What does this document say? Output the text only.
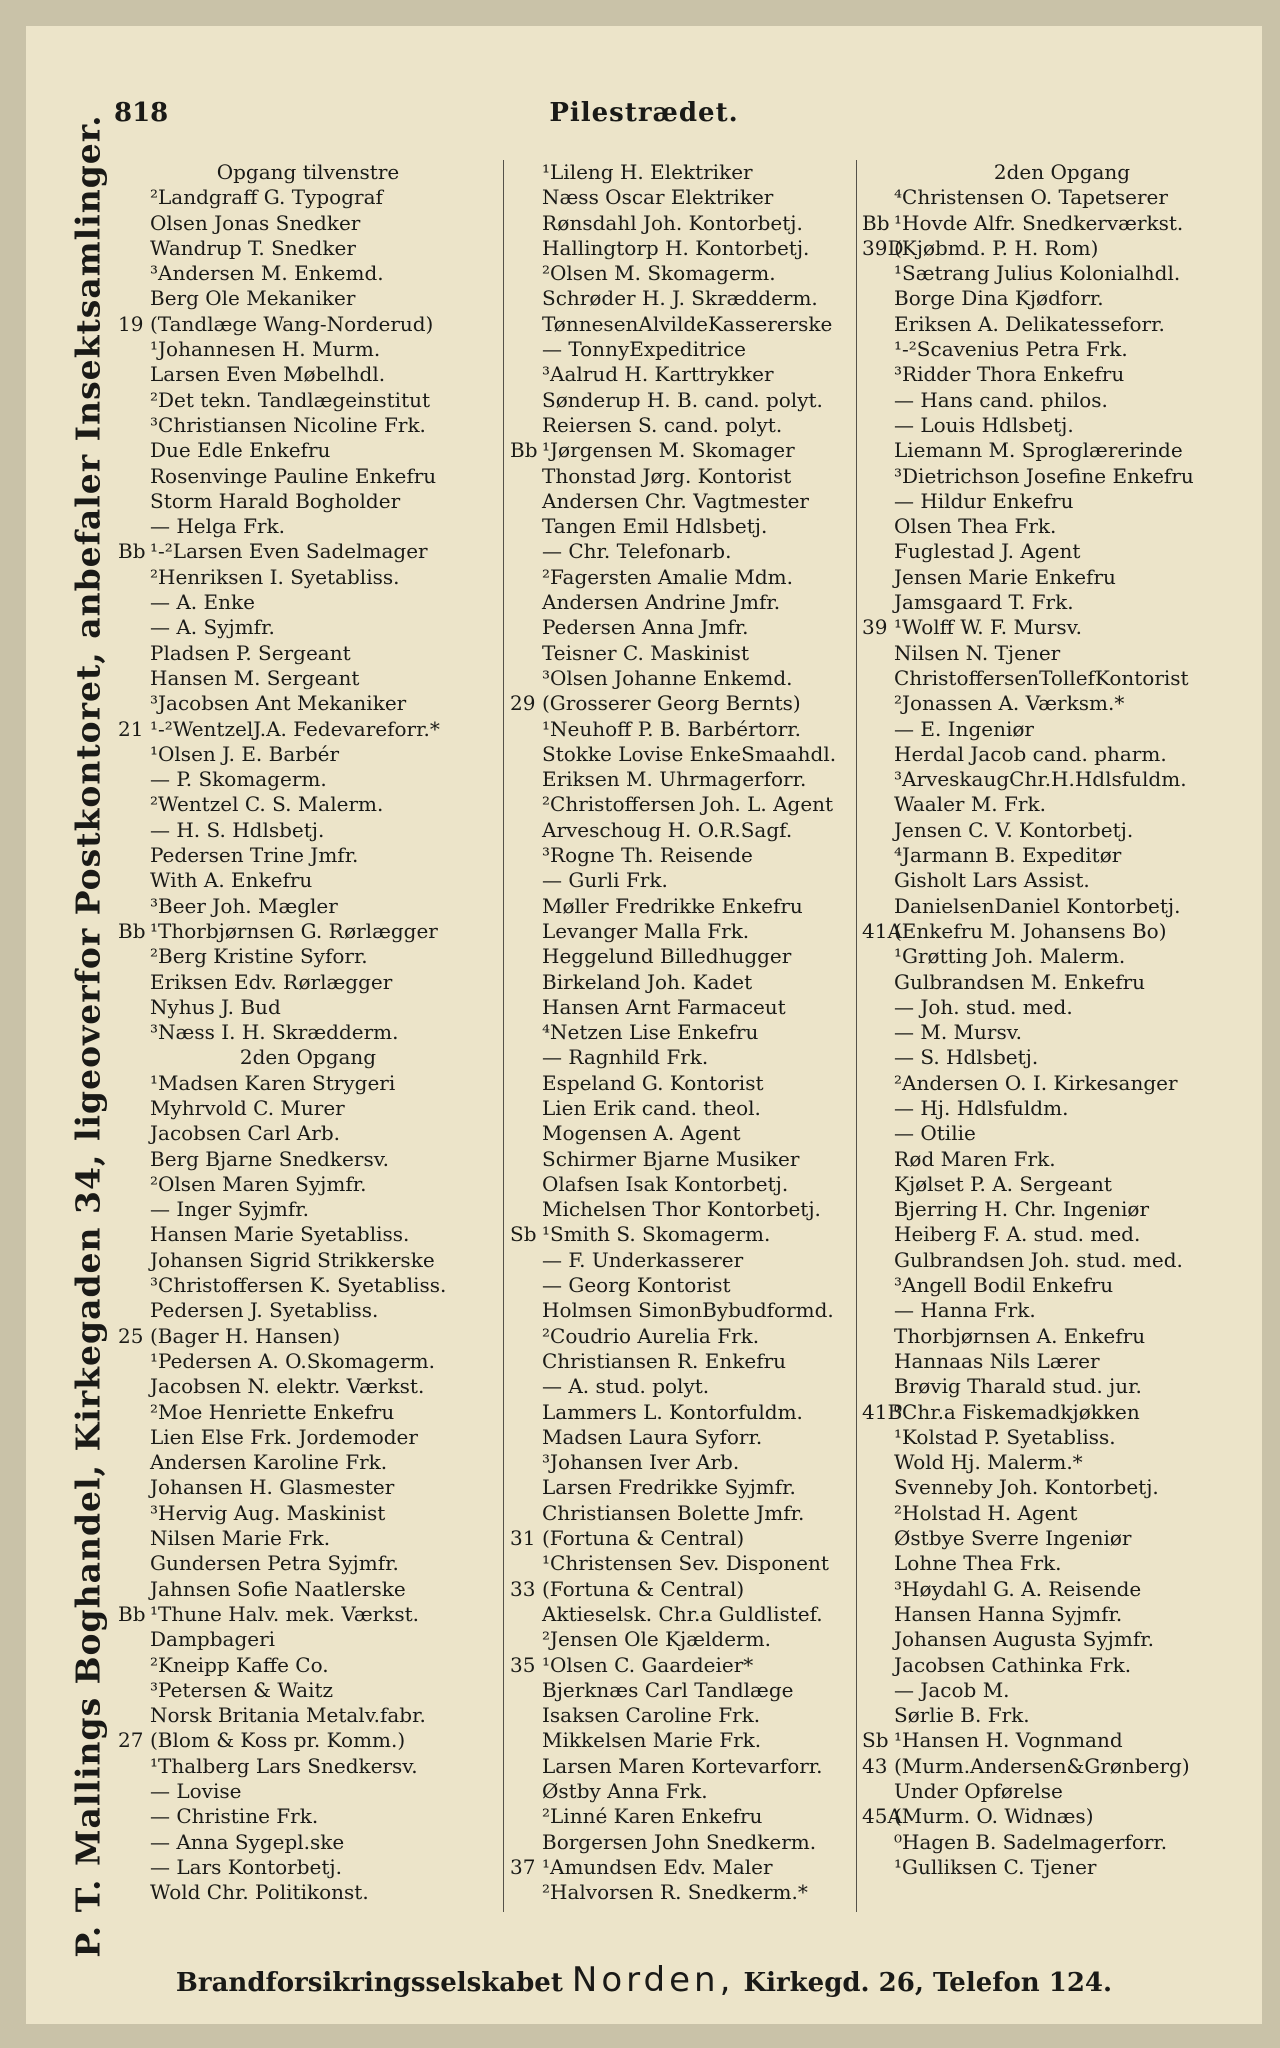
818	Pilestrædet.
P. T. Mallings Boghandel, Kirkegaden 34, ligeoverfor Postkontoret, anbefaler Insektsamlinger.	Opgang tilvenstre
²Landgraff G. Typograf
Olsen Jonas Snedker
Wandrup T. Snedker
³Andersen M. Enkemd.
Berg Ole Mekaniker
19 (Tandlæge Wang-Norderud)
¹Johannesen H. Murm.
Larsen Even Møbelhdl.
²Det tekn. Tandlægeinstitut
³Christiansen Nicoline Frk.
Due Edle Enkefru
Rosenvinge Pauline Enkefru
Storm Harald Bogholder
— Helga Frk.
Bb ¹-²Larsen Even Sadelmager
²Henriksen I. Syetabliss.
— A. Enke
— A. Syjmfr.
Pladsen P. Sergeant
Hansen M. Sergeant
³Jacobsen Ant Mekaniker
21 ¹-²WentzelJ.A. Fedevareforr.*
¹Olsen J. E. Barbér
— P. Skomagerm.
²Wentzel C. S. Malerm.
— H. S. Hdlsbetj.
Pedersen Trine Jmfr.
With A. Enkefru
³Beer Joh. Mægler
Bb ¹Thorbjørnsen G. Rørlægger
²Berg Kristine Syforr.
Eriksen Edv. Rørlægger
Nyhus J. Bud
³Næss I. H. Skrædderm.
2den Opgang
¹Madsen Karen Strygeri
Myhrvold C. Murer
Jacobsen Carl Arb.
Berg Bjarne Snedkersv.
²Olsen Maren Syjmfr.
— Inger Syjmfr.
Hansen Marie Syetabliss.
Johansen Sigrid Strikkerske
³Christoffersen K. Syetabliss.
Pedersen J. Syetabliss.
25 (Bager H. Hansen)
¹Pedersen A. O.Skomagerm.
Jacobsen N. elektr. Værkst.
²Moe Henriette Enkefru
Lien Else Frk. Jordemoder
Andersen Karoline Frk.
Johansen H. Glasmester
³Hervig Aug. Maskinist
Nilsen Marie Frk.
Gundersen Petra Syjmfr.
Jahnsen Sofie Naatlerske
Bb ¹Thune Halv. mek. Værkst.
Dampbageri
²Kneipp Kaffe Co.
³Petersen & Waitz
Norsk Britania Metalv.fabr.
27 (Blom & Koss pr. Komm.)
¹Thalberg Lars Snedkersv.
— Lovise
— Christine Frk.
— Anna Sygepl.ske
— Lars Kontorbetj.
Wold Chr. Politikonst.
¹Lileng H. Elektriker
Næss Oscar Elektriker
Rønsdahl Joh. Kontorbetj.
Hallingtorp H. Kontorbetj.
²Olsen M. Skomagerm.
Schrøder H. J. Skrædderm.
TønnesenAlvildeKassererske
— TonnyExpeditrice
³Aalrud H. Karttrykker
Sønderup H. B. cand. polyt.
Reiersen S. cand. polyt.
Bb ¹Jørgensen M. Skomager
Thonstad Jørg. Kontorist
Andersen Chr. Vagtmester
Tangen Emil Hdlsbetj.
— Chr. Telefonarb.
²Fagersten Amalie Mdm.
Andersen Andrine Jmfr.
Pedersen Anna Jmfr.
Teisner C. Maskinist
³Olsen Johanne Enkemd.
29 (Grosserer Georg Bernts)
¹Neuhoff P. B. Barbértorr.
Stokke Lovise EnkeSmaahdl.
Eriksen M. Uhrmagerforr.
²Christoffersen Joh. L. Agent
Arveschoug H. O.R.Sagf.
³Rogne Th. Reisende
— Gurli Frk.
Møller Fredrikke Enkefru
Levanger Malla Frk.
Heggelund Billedhugger
Birkeland Joh. Kadet
Hansen Arnt Farmaceut
⁴Netzen Lise Enkefru
— Ragnhild Frk.
Espeland G. Kontorist
Lien Erik cand. theol.
Mogensen A. Agent
Schirmer Bjarne Musiker
Olafsen Isak Kontorbetj.
Michelsen Thor Kontorbetj.
Sb ¹Smith S. Skomagerm.
— F. Underkasserer
— Georg Kontorist
Holmsen SimonBybudformd.
²Coudrio Aurelia Frk.
Christiansen R. Enkefru
— A. stud. polyt.
Lammers L. Kontorfuldm.
Madsen Laura Syforr.
³Johansen Iver Arb.
Larsen Fredrikke Syjmfr.
Christiansen Bolette Jmfr.
31 (Fortuna & Central)
¹Christensen Sev. Disponent
33 (Fortuna & Central)
Aktieselsk. Chr.a Guldlistef.
²Jensen Ole Kjælderm.
35 ¹Olsen C. Gaardeier*
Bjerknæs Carl Tandlæge
Isaksen Caroline Frk.
Mikkelsen Marie Frk.
Larsen Maren Kortevarforr.
Østby Anna Frk.
²Linné Karen Enkefru
Borgersen John Snedkerm.
37 ¹Amundsen Edv. Maler
²Halvorsen R. Snedkerm.*
2den Opgang
⁴Christensen O. Tapetserer
Bb ¹Hovde Alfr. Snedkerværkst.
39D(Kjøbmd. P. H. Rom)
¹Sætrang Julius Kolonialhdl.
Borge Dina Kjødforr.
Eriksen A. Delikatesseforr.
¹-²Scavenius Petra Frk.
³Ridder Thora Enkefru
— Hans cand. philos.
— Louis Hdlsbetj.
Liemann M. Sproglærerinde
³Dietrichson Josefine Enkefru
— Hildur Enkefru
Olsen Thea Frk.
Fuglestad J. Agent
Jensen Marie Enkefru
Jamsgaard T. Frk.
39 ¹Wolff W. F. Mursv.
Nilsen N. Tjener
ChristoffersenTollefKontorist
²Jonassen A. Værksm.*
— E. Ingeniør
Herdal Jacob cand. pharm.
³ArveskaugChr.H.Hdlsfuldm.
Waaler M. Frk.
Jensen C. V. Kontorbetj.
⁴Jarmann B. Expeditør
Gisholt Lars Assist.
DanielsenDaniel Kontorbetj.
41A(Enkefru M. Johansens Bo)
¹Grøtting Joh. Malerm.
Gulbrandsen M. Enkefru
— Joh. stud. med.
— M. Mursv.
— S. Hdlsbetj.
²Andersen O. I. Kirkesanger
— Hj. Hdlsfuldm.
— Otilie
Rød Maren Frk.
Kjølset P. A. Sergeant
Bjerring H. Chr. Ingeniør
Heiberg F. A. stud. med.
Gulbrandsen Joh. stud. med.
³Angell Bodil Enkefru
— Hanna Frk.
Thorbjørnsen A. Enkefru
Hannaas Nils Lærer
Brøvig Tharald stud. jur.
41B⁰Chr.a Fiskemadkjøkken
¹Kolstad P. Syetabliss.
Wold Hj. Malerm.*
Svenneby Joh. Kontorbetj.
²Holstad H. Agent
Østbye Sverre Ingeniør
Lohne Thea Frk.
³Høydahl G. A. Reisende
Hansen Hanna Syjmfr.
Johansen Augusta Syjmfr.
Jacobsen Cathinka Frk.
— Jacob M.
Sørlie B. Frk.
Sb ¹Hansen H. Vognmand
43 (Murm.Andersen&Grønberg)
Under Opførelse
45A(Murm. O. Widnæs)
⁰Hagen B. Sadelmagerforr.
¹Gulliksen C. Tjener
Brandforsikringsselskabet Norden, Kirkegd. 26, Telefon 124.
